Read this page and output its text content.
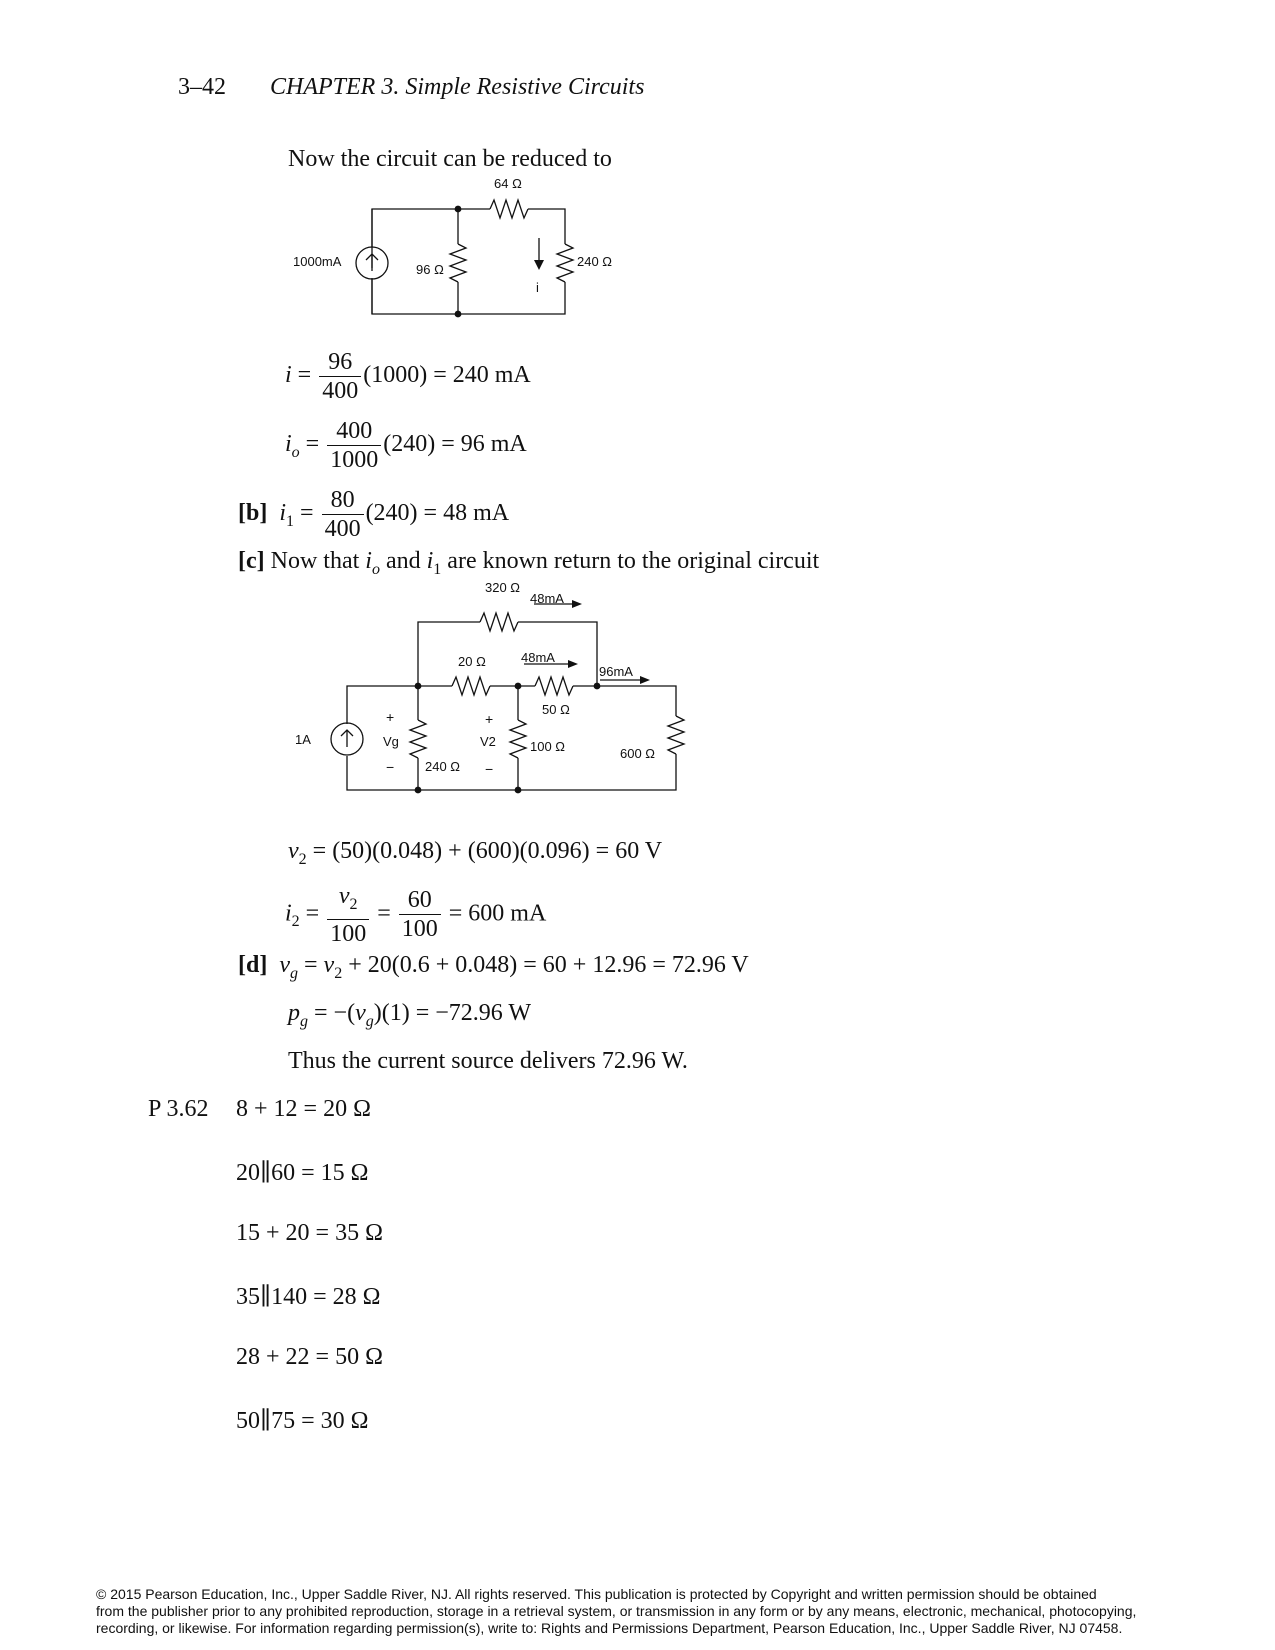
3–42 CHAPTER 3. Simple Resistive Circuits
Now the circuit can be reduced to
64 Ω
1000mA
96 Ω
240 Ω
i
$i = \frac{96}{400} (1000) = 240$ mA
$i_o = \frac{400}{1000} (240) = 96$ mA
[b] $i_1 = \frac{80}{400} (240) = 48$ mA
[c] Now that $i_o$ and $i_1$ are known return to the original circuit
320 Ω
48mA
20 Ω	48mA
96mA
50 Ω
1A
+
Vg
− 240 Ω
+
V2
−
100 Ω	600 Ω
$v_2 = (50)(0.048) + (600)(0.096) = 60$ V
$i_2 = \frac{v_2}{100} = \frac{60}{100} = 600$ mA
[d] $v_g = v_2 + 20(0.6 + 0.048) = 60 + 12.96 = 72.96$ V
$p_g = -(v_g)(1) = -72.96$ W
Thus the current source delivers 72.96 W.
P 3.62 8 + 12 = 20 Ω
20∥60 = 15 Ω
15 + 20 = 35 Ω
35∥140 = 28 Ω
28 + 22 = 50 Ω
50∥75 = 30 Ω
© 2015 Pearson Education, Inc., Upper Saddle River, NJ. All rights reserved. This publication is protected by Copyright and written permission should be obtained
from the publisher prior to any prohibited reproduction, storage in a retrieval system, or transmission in any form or by any means, electronic, mechanical, photocopying,
recording, or likewise. For information regarding permission(s), write to: Rights and Permissions Department, Pearson Education, Inc., Upper Saddle River, NJ 07458.
